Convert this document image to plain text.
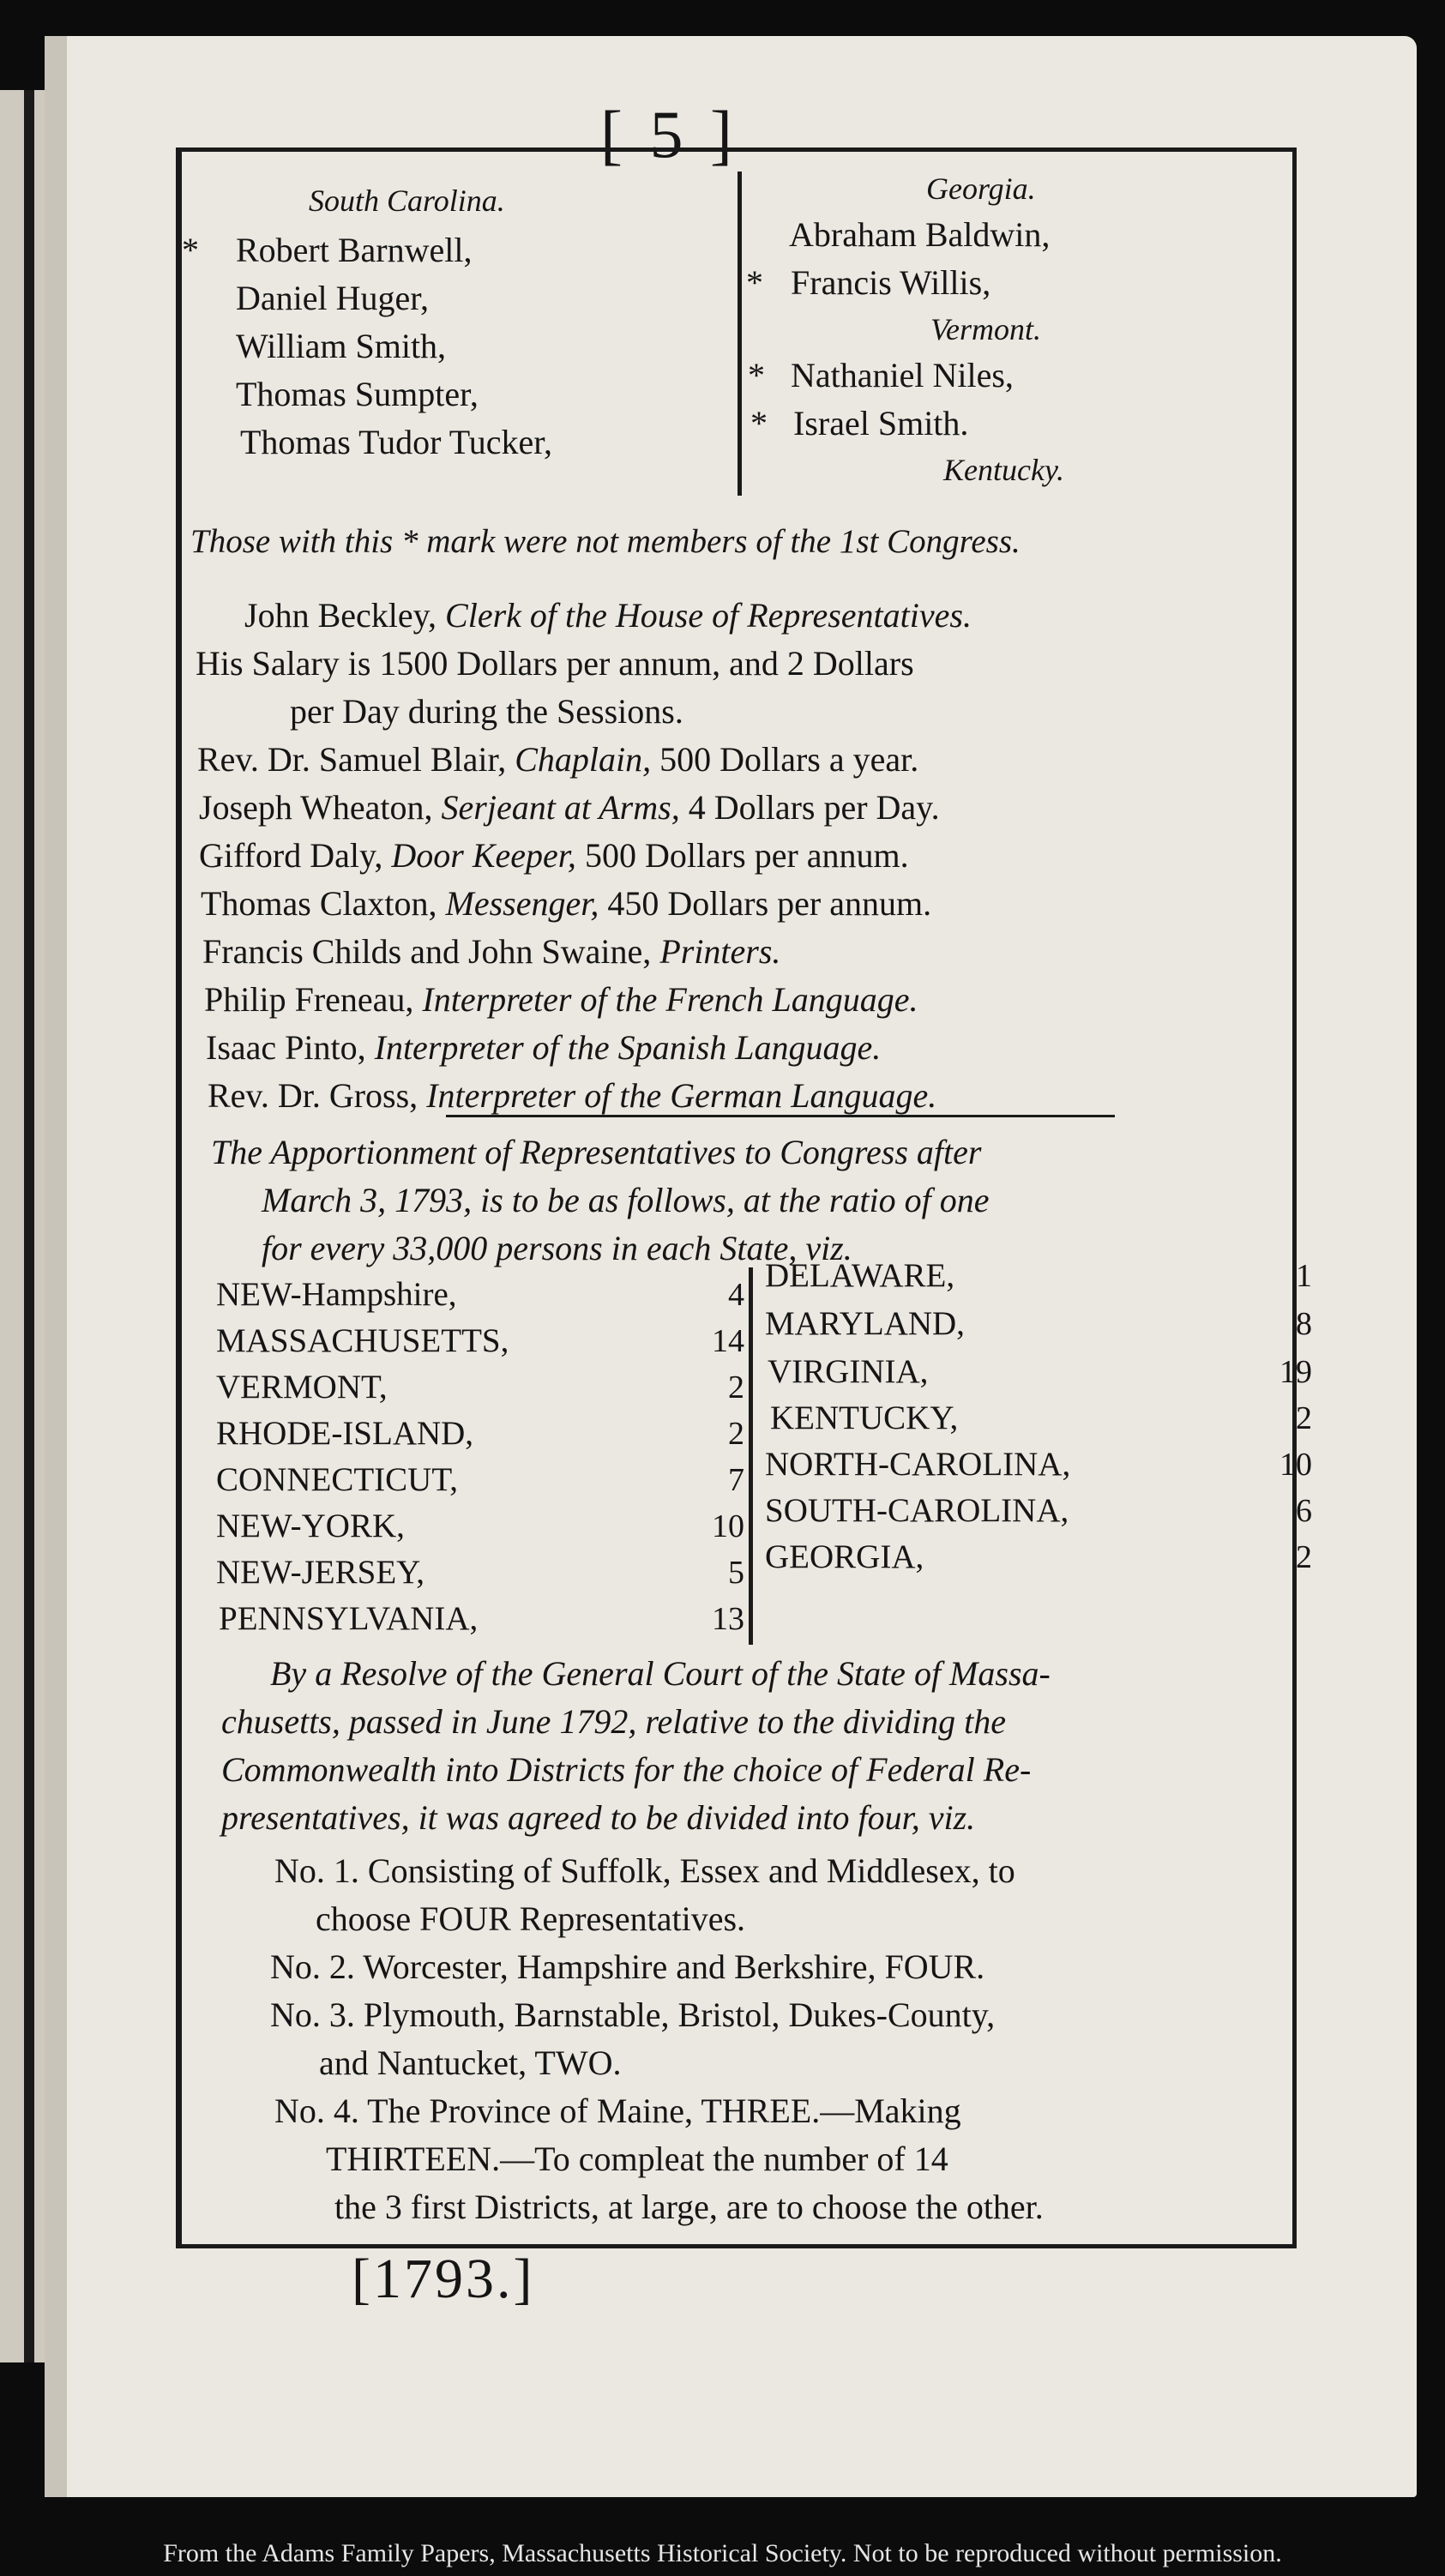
[ 5 ]
South Carolina.
* Robert Barnwell,
Daniel Huger,
William Smith,
Thomas Sumpter,
Thomas Tudor Tucker,
Georgia.
Abraham Baldwin,
* Francis Willis,
Vermont.
* Nathaniel Niles,
* Israel Smith.
Kentucky.
Those with this * mark were not members of the 1st Congress.
John Beckley, Clerk of the House of Representatives.
His Salary is 1500 Dollars per annum, and 2 Dollars
per Day during the Sessions.
Rev. Dr. Samuel Blair, Chaplain, 500 Dollars a year.
Joseph Wheaton, Serjeant at Arms, 4 Dollars per Day.
Gifford Daly, Door Keeper, 500 Dollars per annum.
Thomas Claxton, Messenger, 450 Dollars per annum.
Francis Childs and John Swaine, Printers.
Philip Freneau, Interpreter of the French Language.
Isaac Pinto, Interpreter of the Spanish Language.
Rev. Dr. Gross, Interpreter of the German Language.
The Apportionment of Representatives to Congress after
March 3, 1793, is to be as follows, at the ratio of one
for every 33,000 persons in each State, viz.
NEW-Hampshire,	4
MASSACHUSETTS,	14
VERMONT,	2
RHODE-ISLAND,	2
CONNECTICUT,	7
NEW-YORK,	10
NEW-JERSEY,	5
PENNSYLVANIA,	13
DELAWARE,	1
MARYLAND,	8
VIRGINIA,	19
KENTUCKY,	2
NORTH-CAROLINA,	10
SOUTH-CAROLINA,	6
GEORGIA,	2
By a Resolve of the General Court of the State of Massa-
chusetts, passed in June 1792, relative to the dividing the
Commonwealth into Districts for the choice of Federal Re-
presentatives, it was agreed to be divided into four, viz.
No. 1. Consisting of Suffolk, Essex and Middlesex, to
choose FOUR Representatives.
No. 2. Worcester, Hampshire and Berkshire, FOUR.
No. 3. Plymouth, Barnstable, Bristol, Dukes-County,
and Nantucket, TWO.
No. 4. The Province of Maine, THREE.—Making
THIRTEEN.—To compleat the number of 14
the 3 first Districts, at large, are to choose the other.
[1793.]
From the Adams Family Papers, Massachusetts Historical Society. Not to be reproduced without permission.
